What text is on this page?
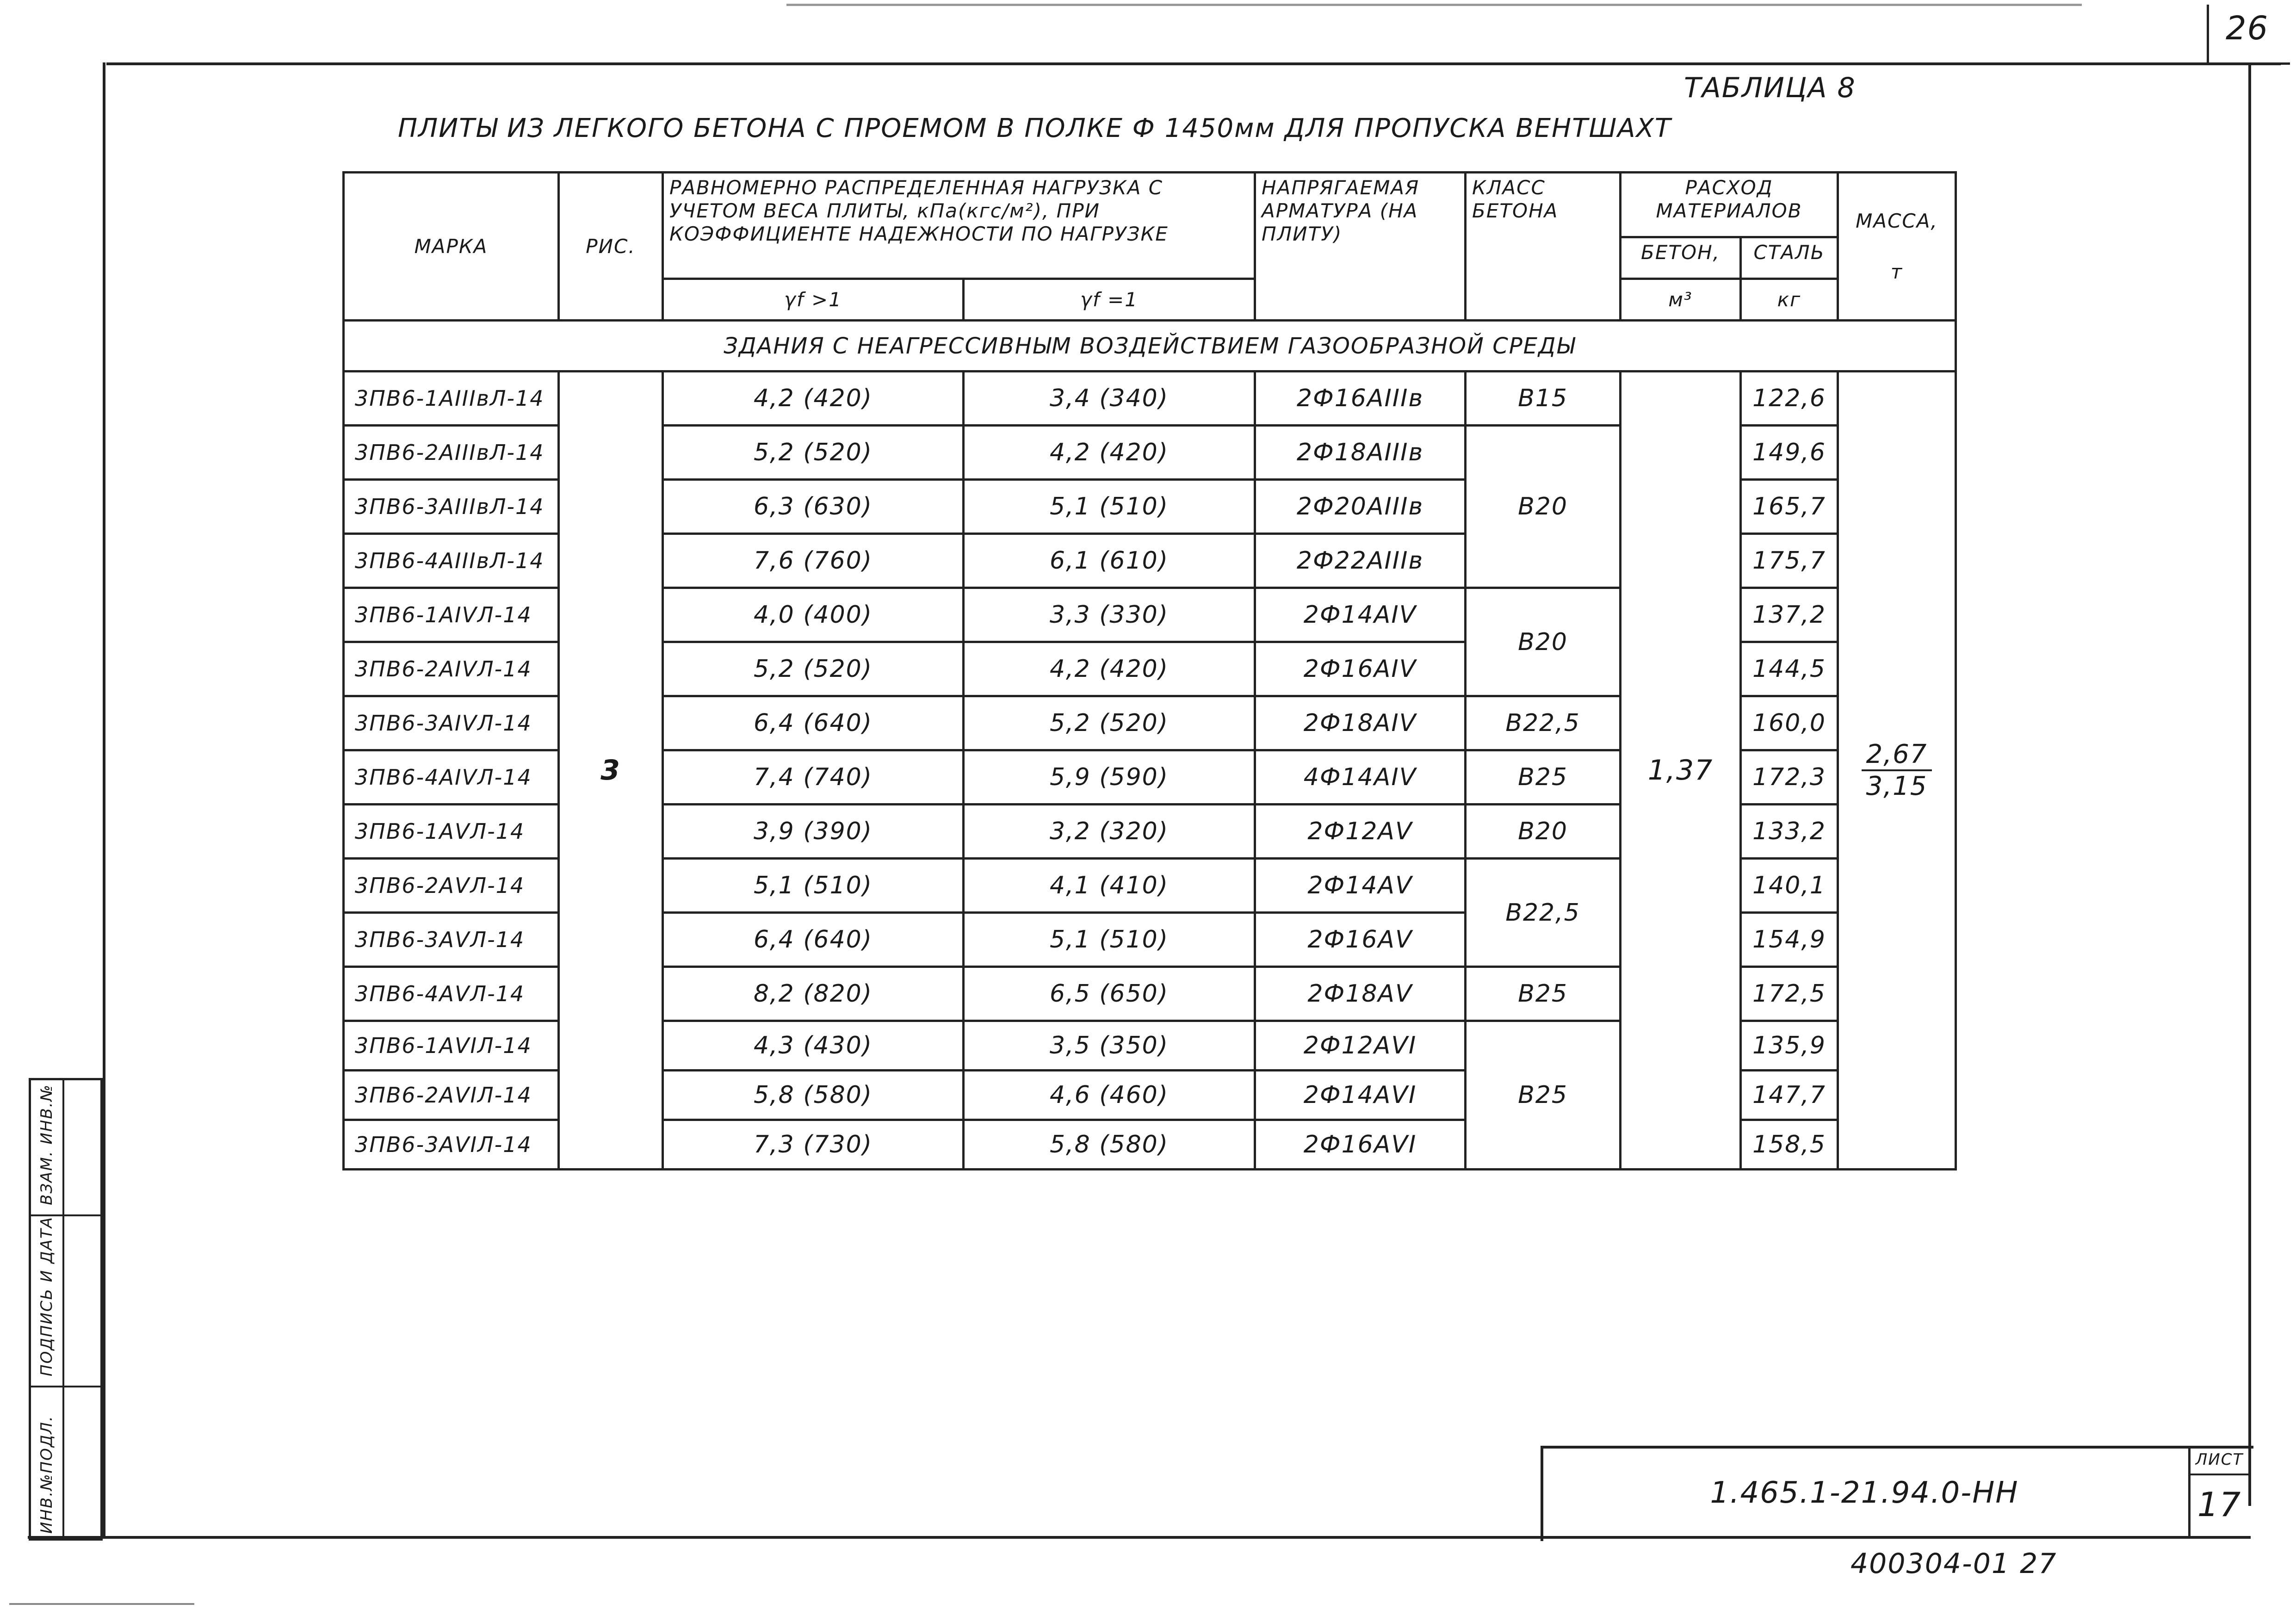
26
ТАБЛИЦА 8
ПЛИТЫ ИЗ ЛЕГКОГО БЕТОНА С ПРОЕМОМ В ПОЛКЕ Ф 1450мм ДЛЯ ПРОПУСКА ВЕНТШАХТ
МАРКА	РИС.	РАВНОМЕРНО РАСПРЕДЕЛЕННАЯ НАГРУЗКА С УЧЕТОМ ВЕСА ПЛИТЫ, кПа(кгс/м²), ПРИ КОЭФФИЦИЕНТЕ НАДЕЖНОСТИ ПО НАГРУЗКЕ		НАПРЯГАЕМАЯ АРМАТУРА (НА ПЛИТУ)	КЛАСС БЕТОНА	РАСХОД МАТЕРИАЛОВ		МАССА,
т

						БЕТОН,	СТАЛЬ	
		γf >1	γf =1			м³	кг	
ЗДАНИЯ С НЕАГРЕССИВНЫМ ВОЗДЕЙСТВИЕМ ГАЗООБРАЗНОЙ СРЕДЫ								
3ПВ6-1АIIIвЛ-14	3	4,2 (420)	3,4 (340)	2Ф16АIIIв	В15	1,37	122,6	2,67
3,15
3ПВ6-2АIIIвЛ-14		5,2 (520)	4,2 (420)	2Ф18АIIIв	В20		149,6	
3ПВ6-3АIIIвЛ-14		6,3 (630)	5,1 (510)	2Ф20АIIIв			165,7	
3ПВ6-4АIIIвЛ-14		7,6 (760)	6,1 (610)	2Ф22АIIIв			175,7	
3ПВ6-1АIVЛ-14		4,0 (400)	3,3 (330)	2Ф14АIV	В20		137,2	
3ПВ6-2АIVЛ-14		5,2 (520)	4,2 (420)	2Ф16АIV			144,5	
3ПВ6-3АIVЛ-14		6,4 (640)	5,2 (520)	2Ф18АIV	В22,5		160,0	
3ПВ6-4АIVЛ-14		7,4 (740)	5,9 (590)	4Ф14АIV	В25		172,3	
3ПВ6-1АVЛ-14		3,9 (390)	3,2 (320)	2Ф12АV	В20		133,2	
3ПВ6-2АVЛ-14		5,1 (510)	4,1 (410)	2Ф14АV	В22,5		140,1	
3ПВ6-3АVЛ-14		6,4 (640)	5,1 (510)	2Ф16АV			154,9	
3ПВ6-4АVЛ-14		8,2 (820)	6,5 (650)	2Ф18АV	В25		172,5	
3ПВ6-1АVIЛ-14		4,3 (430)	3,5 (350)	2Ф12АVI	В25		135,9	
3ПВ6-2АVIЛ-14		5,8 (580)	4,6 (460)	2Ф14АVI			147,7	
3ПВ6-3АVIЛ-14		7,3 (730)	5,8 (580)	2Ф16АVI			158,5	
1.465.1-21.94.0-НН
ЛИСТ
17
400304-01 27
ВЗАМ. ИНВ.№
ПОДПИСЬ И ДАТА
ИНВ.№ПОДЛ.
